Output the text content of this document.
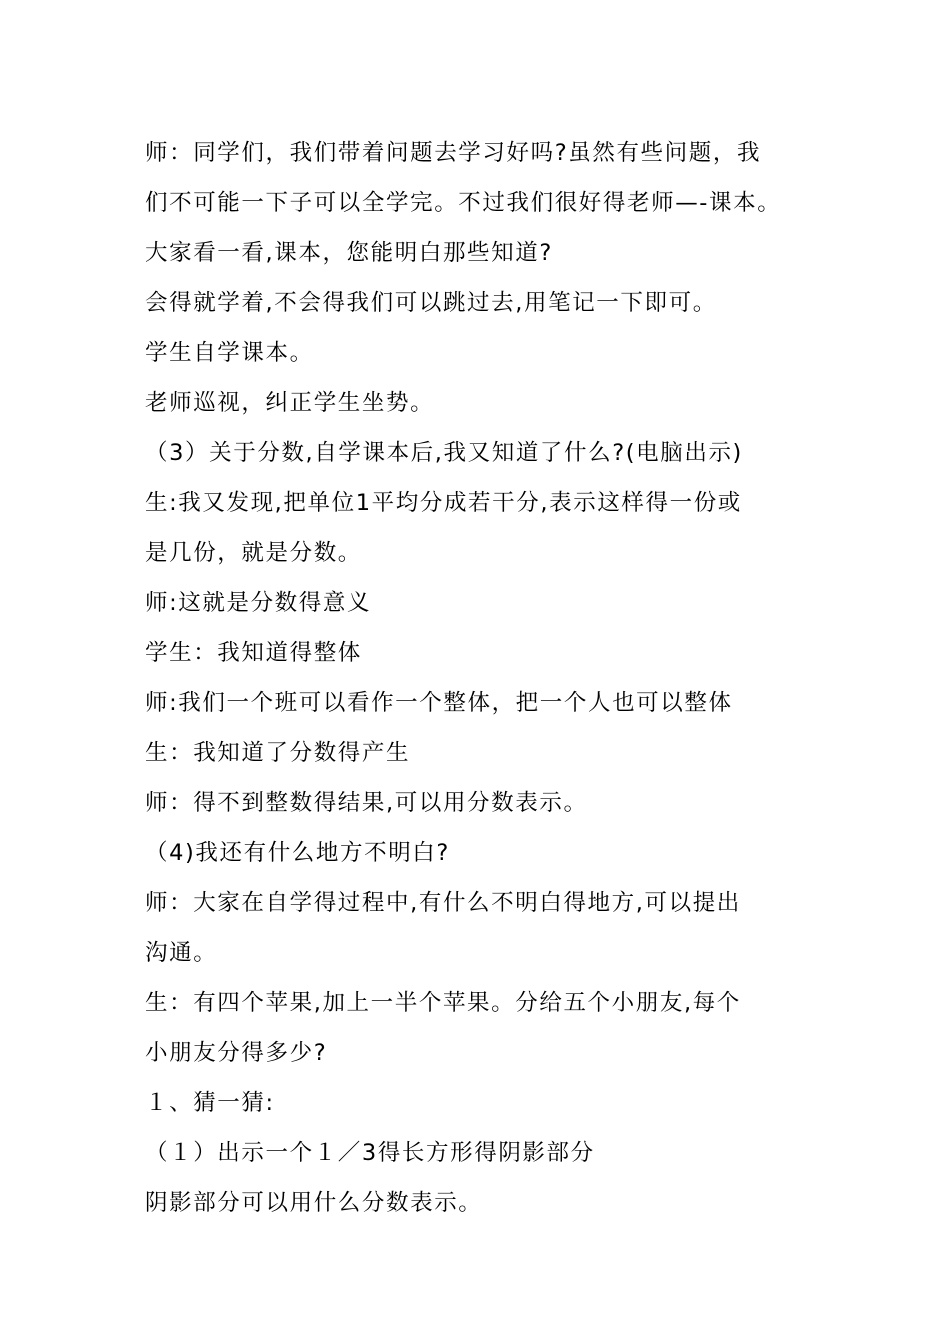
师：同学们，我们带着问题去学习好吗?虽然有些问题，我
们不可能一下子可以全学完。不过我们很好得老师—-课本。
大家看一看,课本，您能明白那些知道?
会得就学着,不会得我们可以跳过去,用笔记一下即可。
学生自学课本。
老师巡视，纠正学生坐势。
（3）关于分数,自学课本后,我又知道了什么?(电脑出示)
生:我又发现,把单位1平均分成若干分,表示这样得一份或
是几份，就是分数。
师:这就是分数得意义
学生：我知道得整体
师:我们一个班可以看作一个整体，把一个人也可以整体
生：我知道了分数得产生
师：得不到整数得结果,可以用分数表示。
（4)我还有什么地方不明白?
师：大家在自学得过程中,有什么不明白得地方,可以提出
沟通。
生：有四个苹果,加上一半个苹果。分给五个小朋友,每个
小朋友分得多少?
１、猜一猜:
（１）出示一个１／3得长方形得阴影部分
阴影部分可以用什么分数表示。
